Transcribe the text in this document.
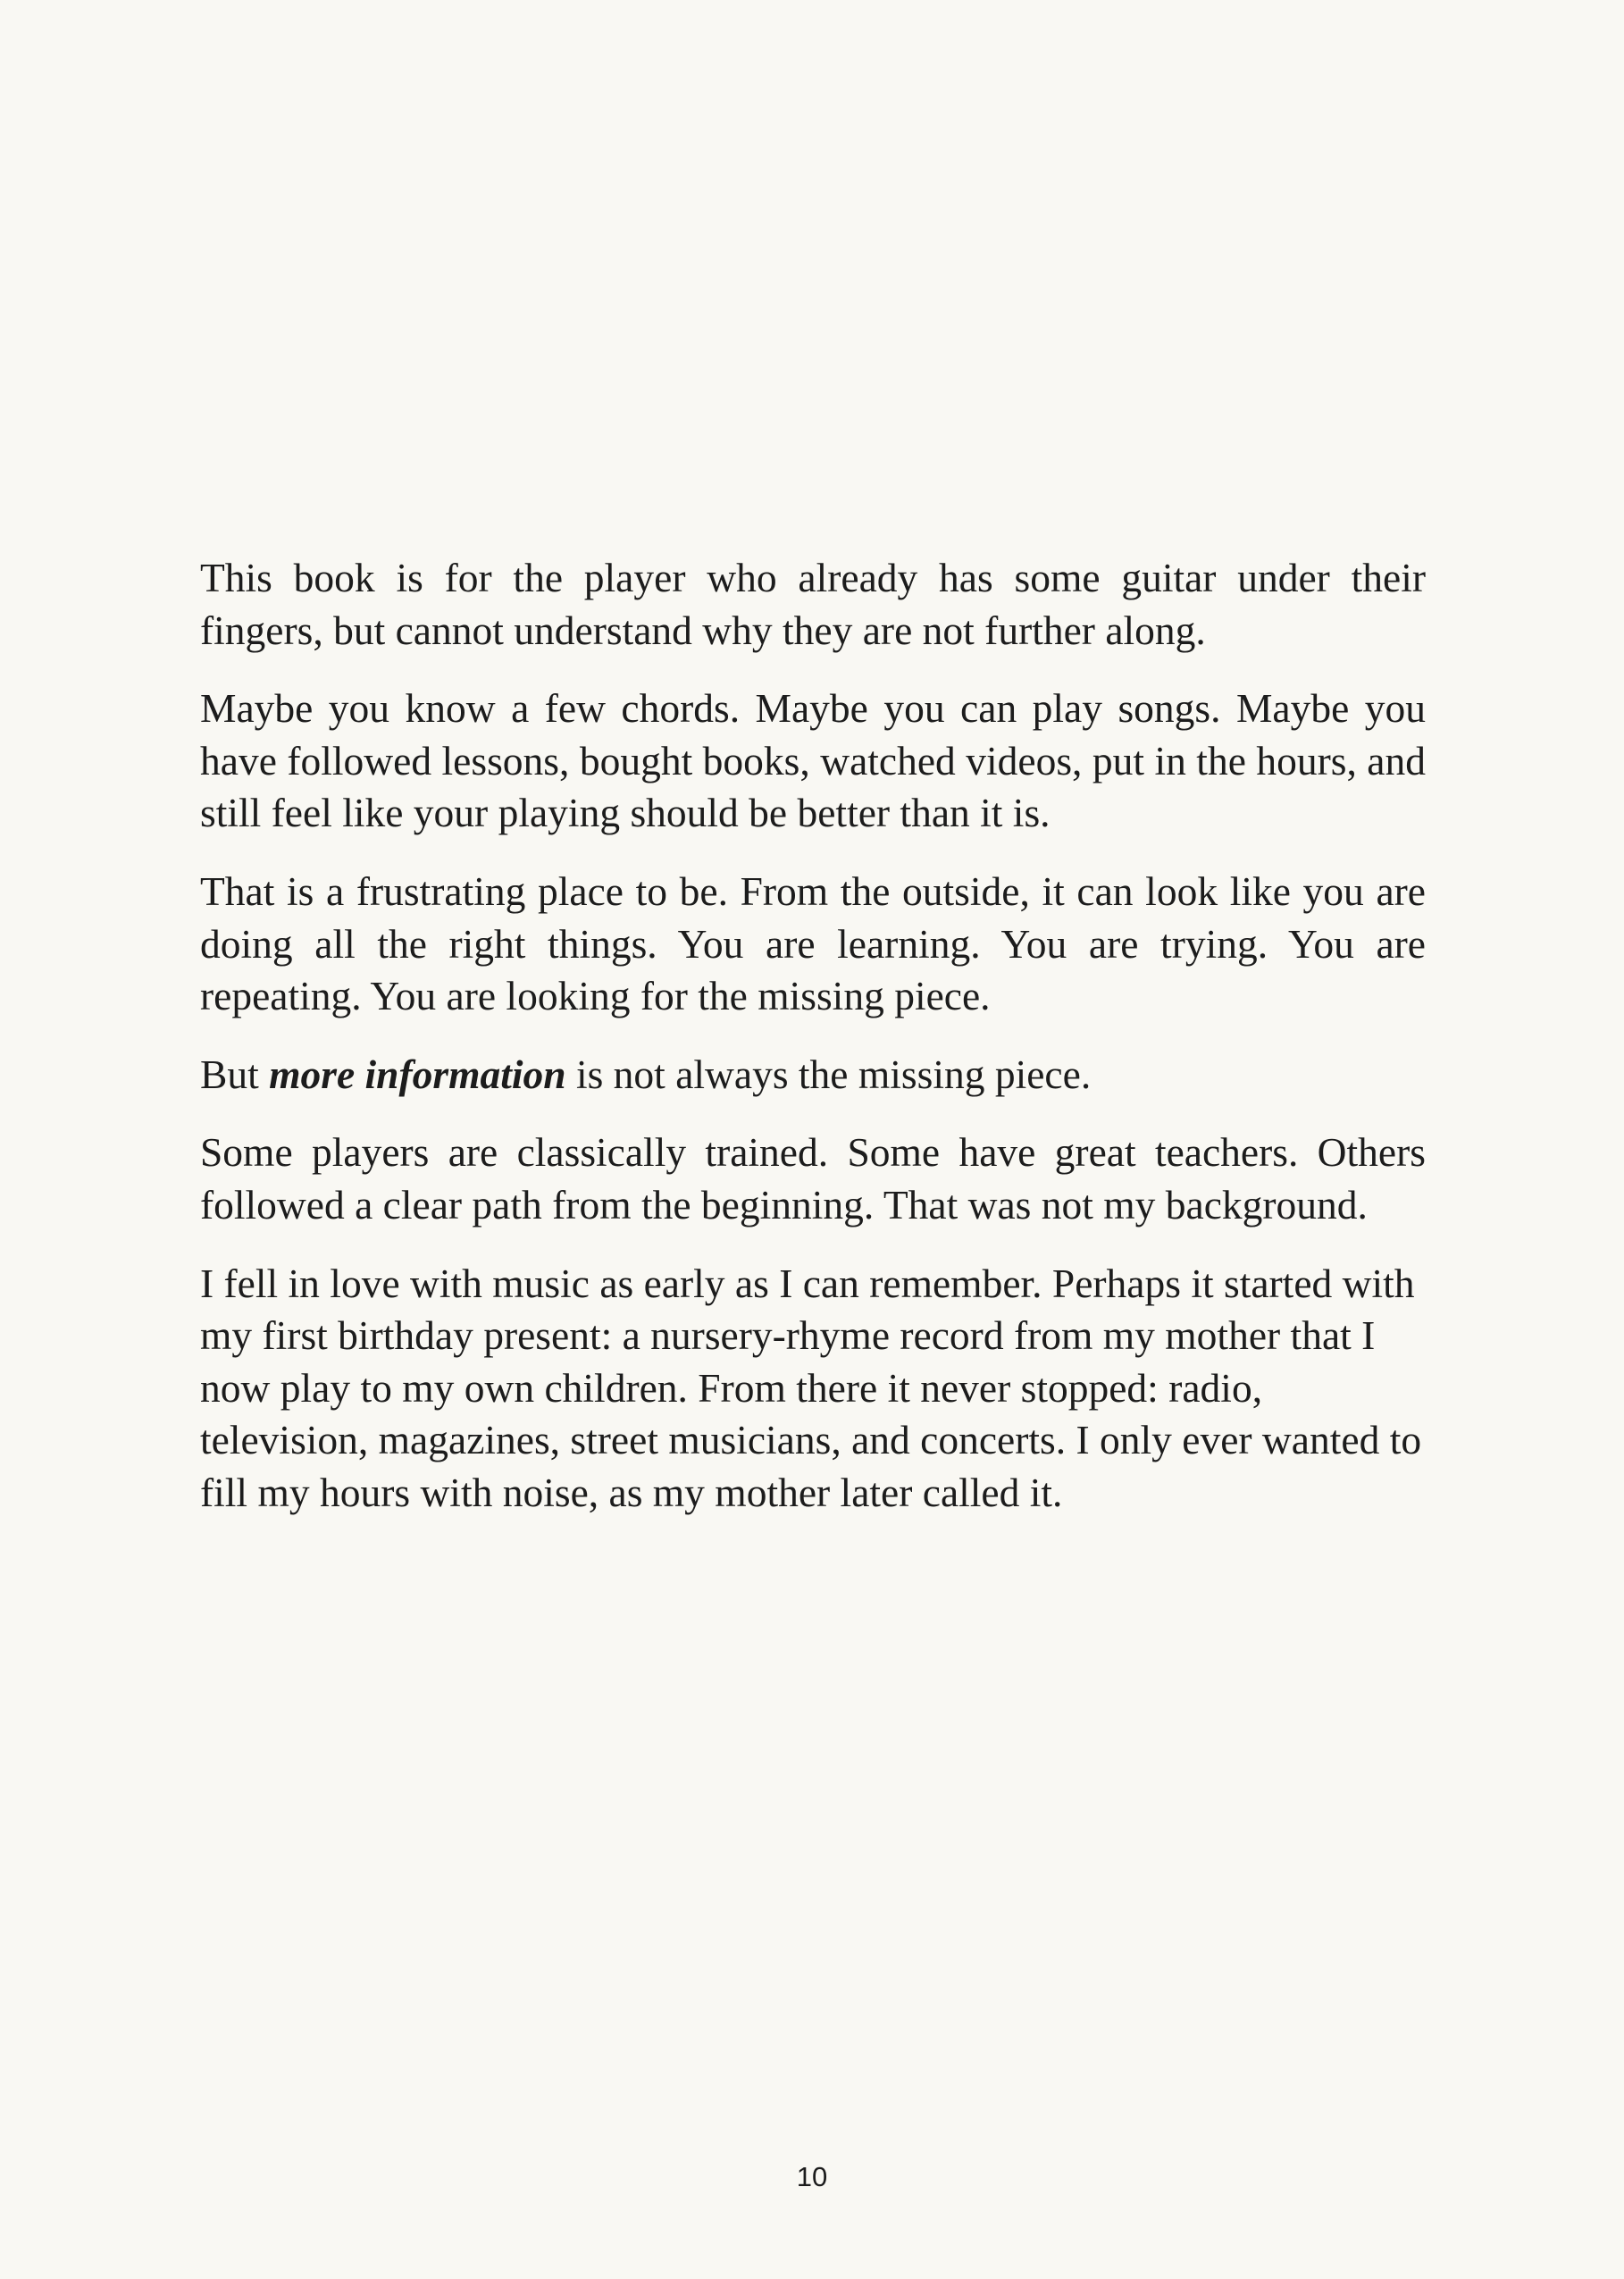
This book is for the player who already has some guitar under their fingers, but cannot understand why they are not further along.

Maybe you know a few chords. Maybe you can play songs. Maybe you have followed lessons, bought books, watched videos, put in the hours, and still feel like your playing should be better than it is.

That is a frustrating place to be. From the outside, it can look like you are doing all the right things. You are learning. You are trying. You are repeating. You are looking for the missing piece.

But more information is not always the missing piece.

Some players are classically trained. Some have great teachers. Others followed a clear path from the beginning. That was not my background.

I fell in love with music as early as I can remember. Perhaps it started with my first birthday present: a nursery-rhyme record from my mother that I now play to my own children. From there it never stopped: radio, television, magazines, street musicians, and concerts. I only ever wanted to fill my hours with noise, as my mother later called it.

10
